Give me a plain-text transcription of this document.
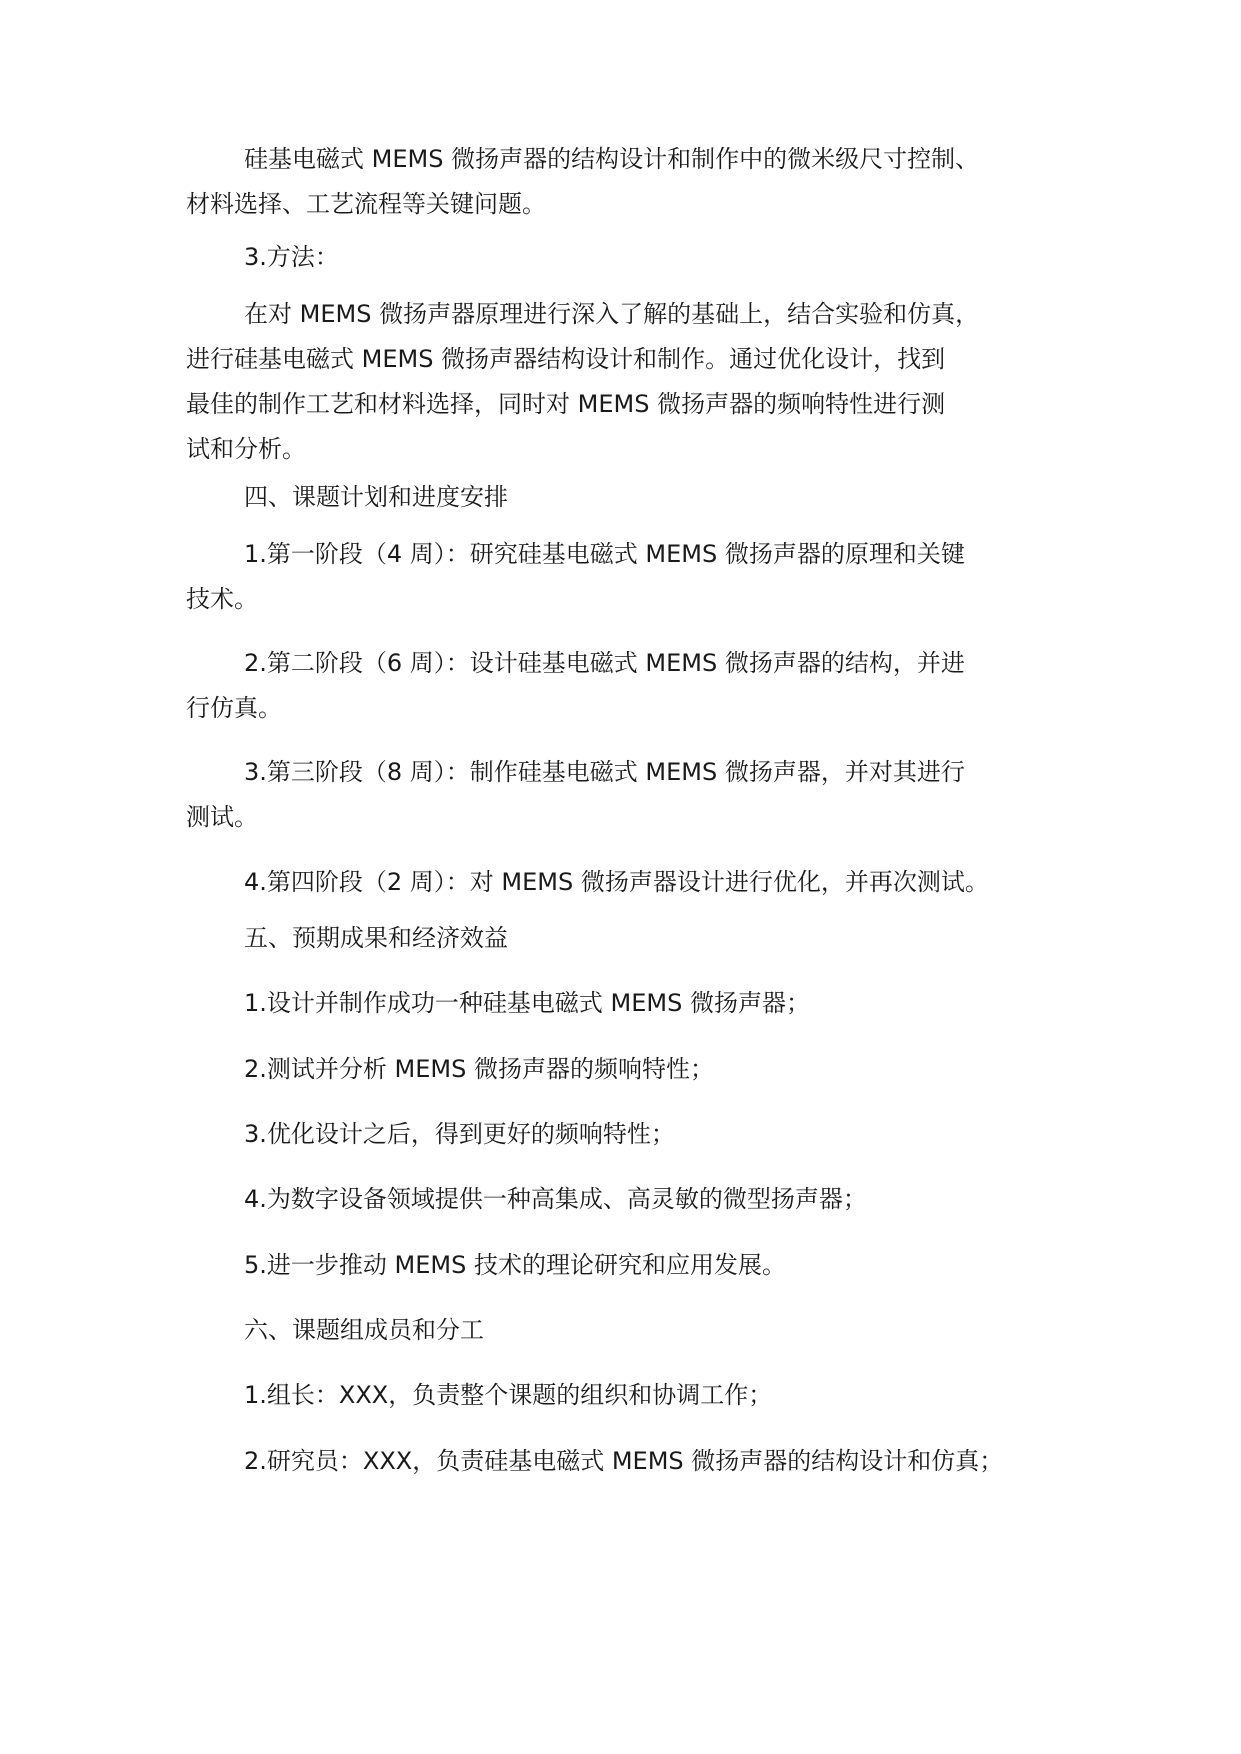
硅基电磁式 MEMS 微扬声器的结构设计和制作中的微米级尺寸控制、
材料选择、工艺流程等关键问题。
3.方法：
在对 MEMS 微扬声器原理进行深入了解的基础上，结合实验和仿真，
进行硅基电磁式 MEMS 微扬声器结构设计和制作。通过优化设计，找到
最佳的制作工艺和材料选择，同时对 MEMS 微扬声器的频响特性进行测
试和分析。
四、课题计划和进度安排
1.第一阶段（4 周）：研究硅基电磁式 MEMS 微扬声器的原理和关键
技术。
2.第二阶段（6 周）：设计硅基电磁式 MEMS 微扬声器的结构，并进
行仿真。
3.第三阶段（8 周）：制作硅基电磁式 MEMS 微扬声器，并对其进行
测试。
4.第四阶段（2 周）：对 MEMS 微扬声器设计进行优化，并再次测试。
五、预期成果和经济效益
1.设计并制作成功一种硅基电磁式 MEMS 微扬声器；
2.测试并分析 MEMS 微扬声器的频响特性；
3.优化设计之后，得到更好的频响特性；
4.为数字设备领域提供一种高集成、高灵敏的微型扬声器；
5.进一步推动 MEMS 技术的理论研究和应用发展。
六、课题组成员和分工
1.组长：XXX，负责整个课题的组织和协调工作；
2.研究员：XXX，负责硅基电磁式 MEMS 微扬声器的结构设计和仿真；
